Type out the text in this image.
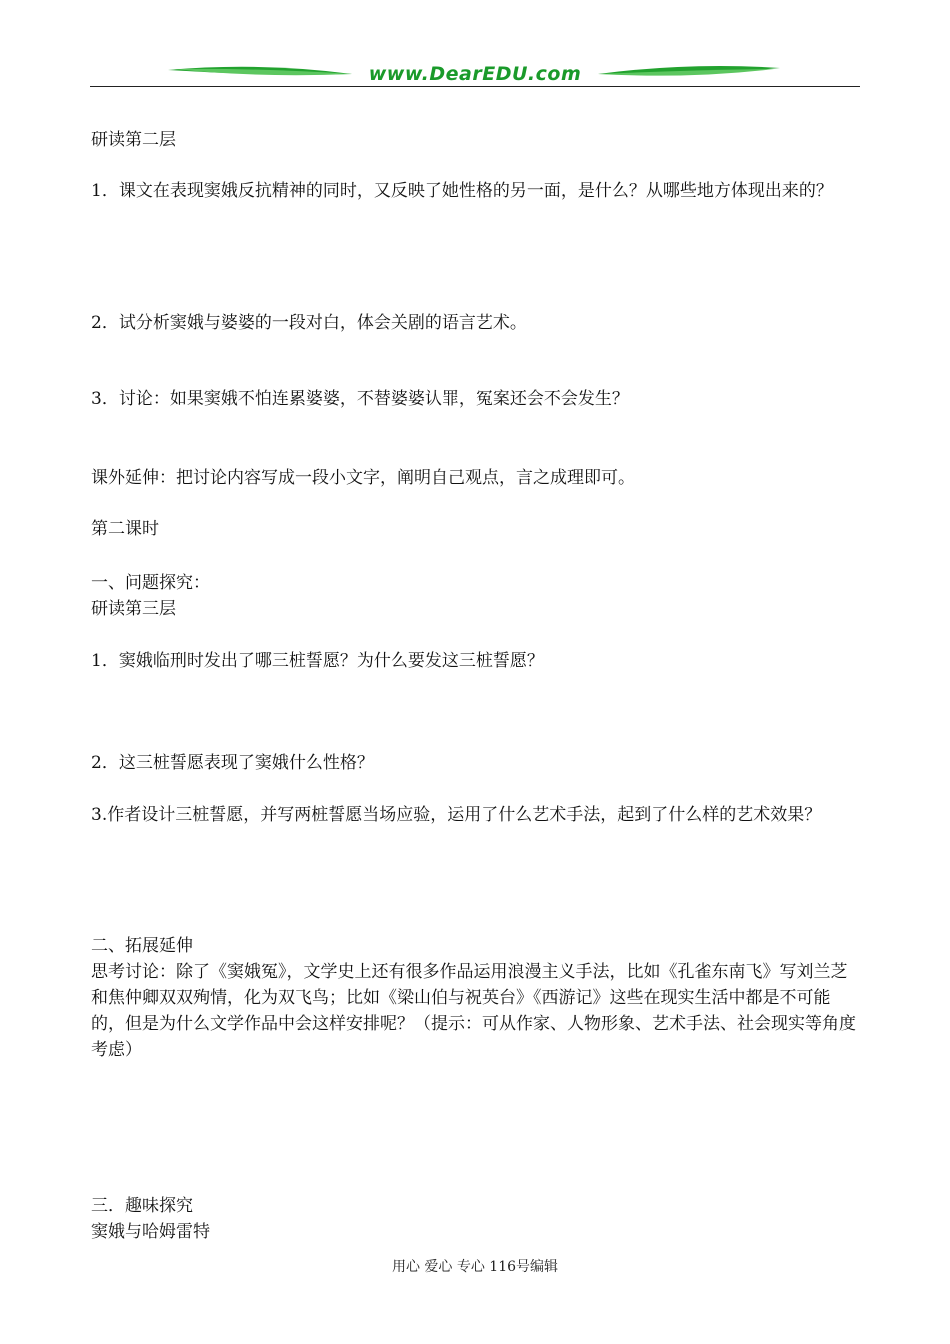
www.DearEDU.com
研读第二层
1．课文在表现窦娥反抗精神的同时，又反映了她性格的另一面，是什么？从哪些地方体现出来的？
2．试分析窦娥与婆婆的一段对白，体会关剧的语言艺术。
3．讨论：如果窦娥不怕连累婆婆，不替婆婆认罪，冤案还会不会发生？
课外延伸：把讨论内容写成一段小文字，阐明自己观点，言之成理即可。
第二课时
一、问题探究：
研读第三层
1．窦娥临刑时发出了哪三桩誓愿？为什么要发这三桩誓愿？
2．这三桩誓愿表现了窦娥什么性格？
3.作者设计三桩誓愿，并写两桩誓愿当场应验，运用了什么艺术手法，起到了什么样的艺术效果？
二、拓展延伸
思考讨论：除了《窦娥冤》，文学史上还有很多作品运用浪漫主义手法，比如《孔雀东南飞》写刘兰芝和焦仲卿双双殉情，化为双飞鸟；比如《梁山伯与祝英台》《西游记》这些在现实生活中都是不可能的，但是为什么文学作品中会这样安排呢？（提示：可从作家、人物形象、艺术手法、社会现实等角度考虑）
三．趣味探究
窦娥与哈姆雷特
用心 爱心 专心 116号编辑
